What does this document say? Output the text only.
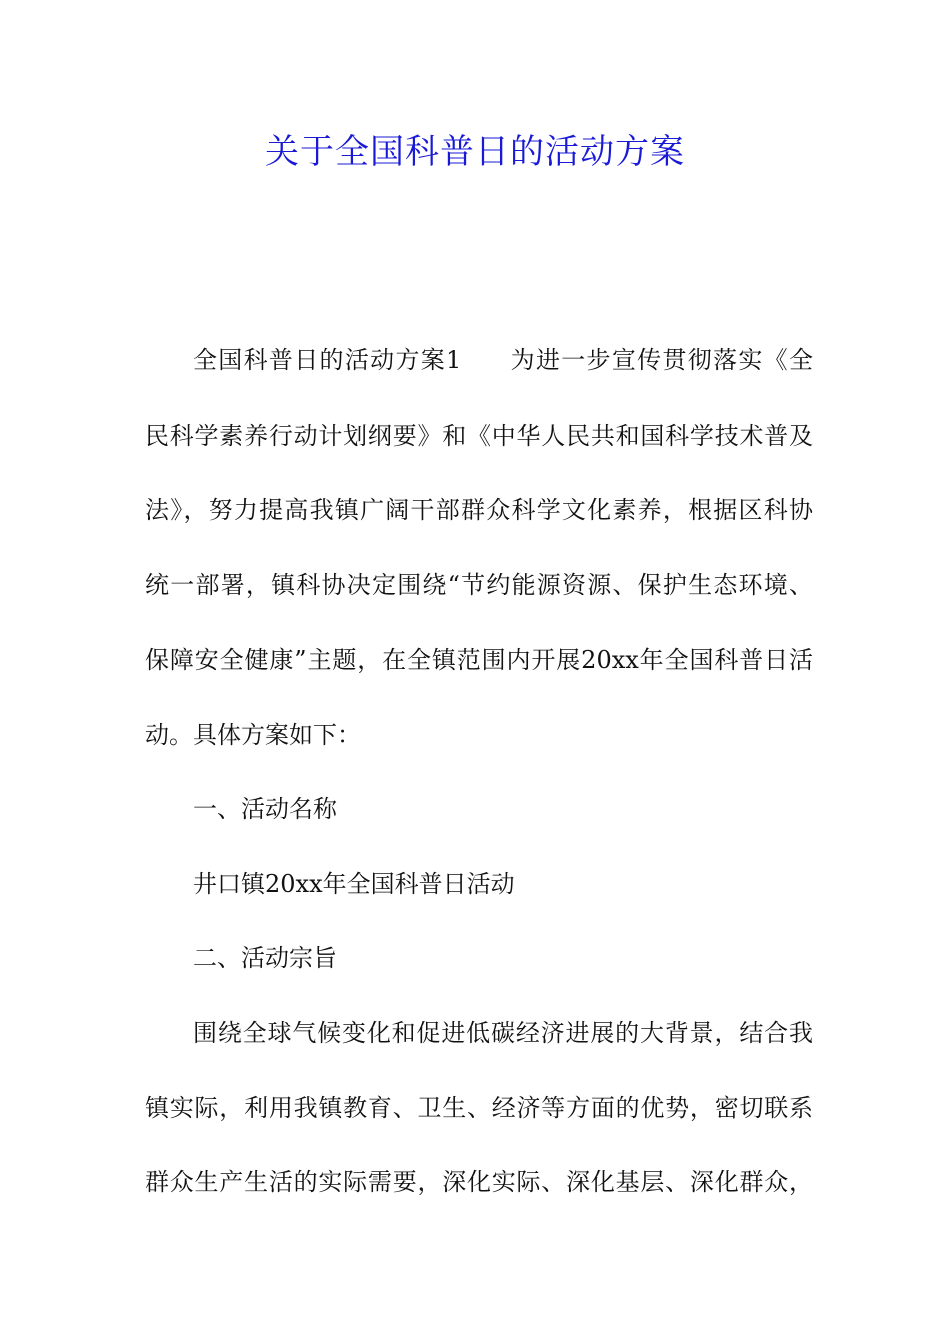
关于全国科普日的活动方案

全国科普日的活动方案1 为进一步宣传贯彻落实《全

民科学素养行动计划纲要》和《中华人民共和国科学技术普及

法》，努力提高我镇广阔干部群众科学文化素养，根据区科协

统一部署，镇科协决定围绕“节约能源资源、保护生态环境、

保障安全健康”主题，在全镇范围内开展20xx年全国科普日活

动。具体方案如下：

一、活动名称

井口镇20xx年全国科普日活动

二、活动宗旨

围绕全球气候变化和促进低碳经济进展的大背景，结合我

镇实际，利用我镇教育、卫生、经济等方面的优势，密切联系

群众生产生活的实际需要，深化实际、深化基层、深化群众，
